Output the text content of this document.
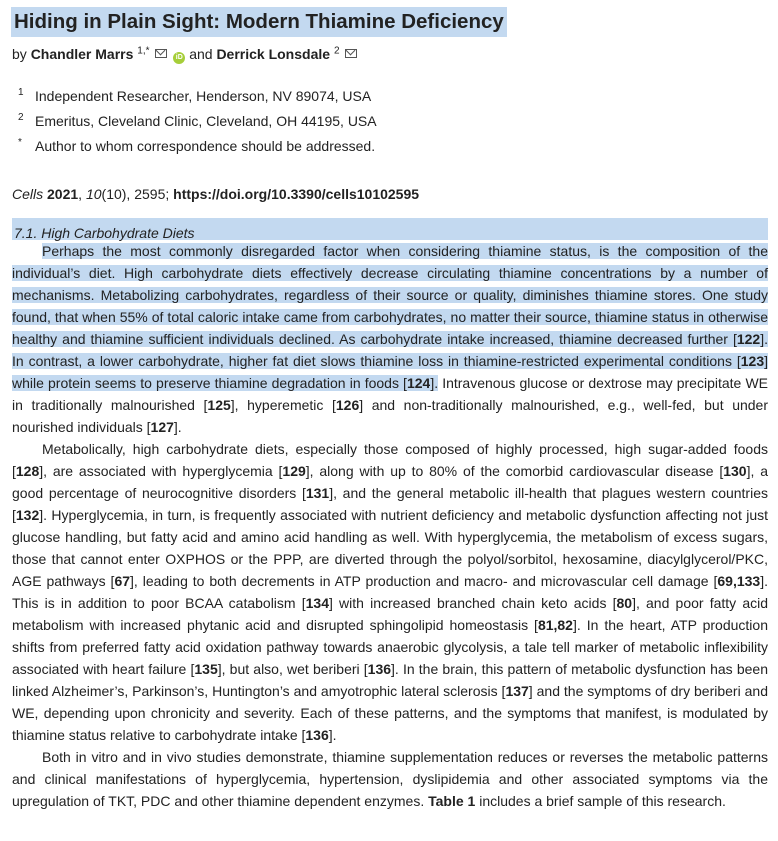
Hiding in Plain Sight: Modern Thiamine Deficiency
by Chandler Marrs $^{1,*}$  iD and Derrick Lonsdale $^2$
1 Independent Researcher, Henderson, NV 89074, USA
2 Emeritus, Cleveland Clinic, Cleveland, OH 44195, USA
* Author to whom correspondence should be addressed.
Cells 2021, 10(10), 2595; https://doi.org/10.3390/cells10102595
7.1. High Carbohydrate Diets

Perhaps the most commonly disregarded factor when considering thiamine status, is the composition of the individual’s diet. High carbohydrate diets effectively decrease circulating thiamine concentrations by a number of mechanisms. Metabolizing carbohydrates, regardless of their source or quality, diminishes thiamine stores. One study found, that when 55% of total caloric intake came from carbohydrates, no matter their source, thiamine status in otherwise healthy and thiamine sufficient individuals declined. As carbohydrate intake increased, thiamine decreased further [122]. In contrast, a lower carbohydrate, higher fat diet slows thiamine loss in thiamine-restricted experimental conditions [123] while protein seems to preserve thiamine degradation in foods [124]. Intravenous glucose or dextrose may precipitate WE in traditionally malnourished [125], hyperemetic [126] and non-traditionally malnourished, e.g., well-fed, but under nourished individuals [127].

Metabolically, high carbohydrate diets, especially those composed of highly processed, high sugar-added foods [128], are associated with hyperglycemia [129], along with up to 80% of the comorbid cardiovascular disease [130], a good percentage of neurocognitive disorders [131], and the general metabolic ill-health that plagues western countries [132]. Hyperglycemia, in turn, is frequently associated with nutrient deficiency and metabolic dysfunction affecting not just glucose handling, but fatty acid and amino acid handling as well. With hyperglycemia, the metabolism of excess sugars, those that cannot enter OXPHOS or the PPP, are diverted through the polyol/sorbitol, hexosamine, diacylglycerol/PKC, AGE pathways [67], leading to both decrements in ATP production and macro- and microvascular cell damage [69,133]. This is in addition to poor BCAA catabolism [134] with increased branched chain keto acids [80], and poor fatty acid metabolism with increased phytanic acid and disrupted sphingolipid homeostasis [81,82]. In the heart, ATP production shifts from preferred fatty acid oxidation pathway towards anaerobic glycolysis, a tale tell marker of metabolic inflexibility associated with heart failure [135], but also, wet beriberi [136]. In the brain, this pattern of metabolic dysfunction has been linked Alzheimer’s, Parkinson’s, Huntington’s and amyotrophic lateral sclerosis [137] and the symptoms of dry beriberi and WE, depending upon chronicity and severity. Each of these patterns, and the symptoms that manifest, is modulated by thiamine status relative to carbohydrate intake [136].

Both in vitro and in vivo studies demonstrate, thiamine supplementation reduces or reverses the metabolic patterns and clinical manifestations of hyperglycemia, hypertension, dyslipidemia and other associated symptoms via the upregulation of TKT, PDC and other thiamine dependent enzymes. Table 1 includes a brief sample of this research.
